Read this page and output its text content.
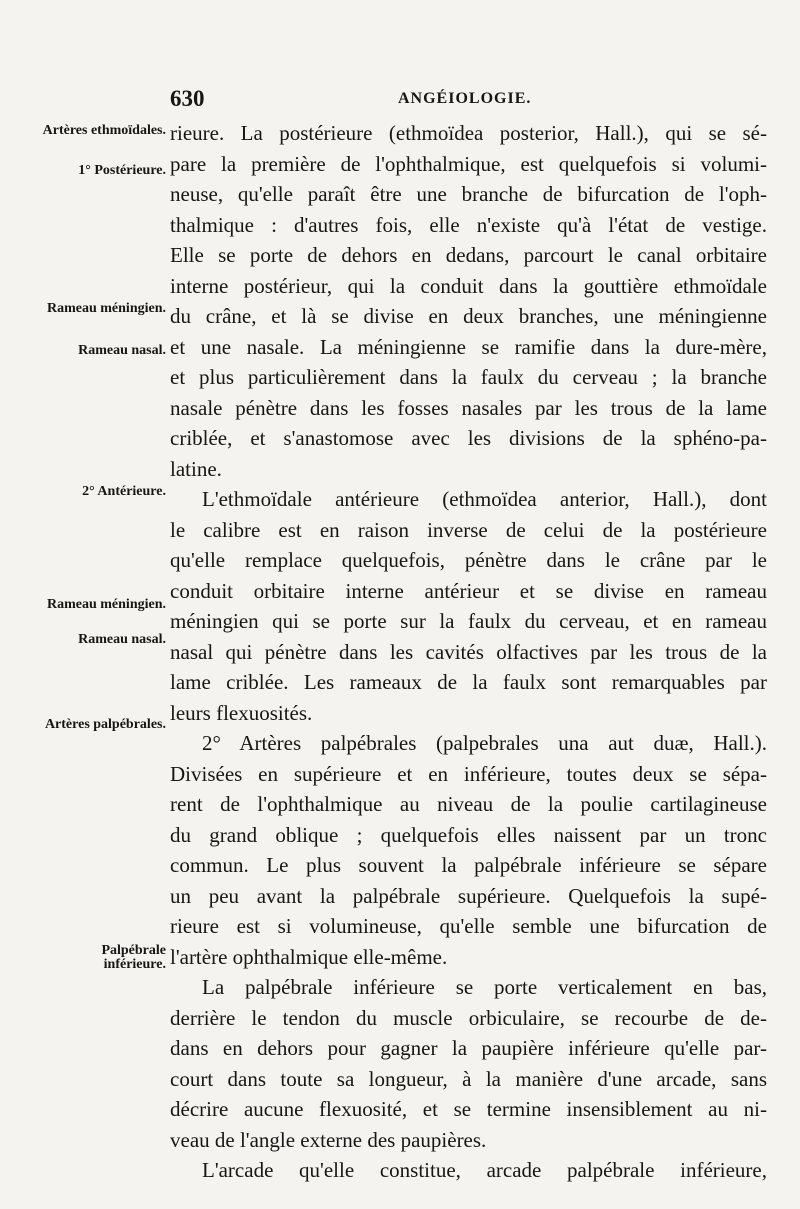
630	ANGÉIOLOGIE.
Artères ethmoïdales.
1° Postérieure.
Rameau méningien.
Rameau nasal.
2° Antérieure.
Rameau méningien.
Rameau nasal.
Artères palpébrales.
Palpébrale inférieure.
rieure. La postérieure (ethmoïdea posterior, Hall.), qui se sé-
pare la première de l'ophthalmique, est quelquefois si volumi-
neuse, qu'elle paraît être une branche de bifurcation de l'oph-
thalmique : d'autres fois, elle n'existe qu'à l'état de vestige.
Elle se porte de dehors en dedans, parcourt le canal orbitaire
interne postérieur, qui la conduit dans la gouttière ethmoïdale
du crâne, et là se divise en deux branches, une méningienne
et une nasale. La méningienne se ramifie dans la dure-mère,
et plus particulièrement dans la faulx du cerveau ; la branche
nasale pénètre dans les fosses nasales par les trous de la lame
criblée, et s'anastomose avec les divisions de la sphéno-pa-
latine.
L'ethmoïdale antérieure (ethmoïdea anterior, Hall.), dont
le calibre est en raison inverse de celui de la postérieure
qu'elle remplace quelquefois, pénètre dans le crâne par le
conduit orbitaire interne antérieur et se divise en rameau
méningien qui se porte sur la faulx du cerveau, et en rameau
nasal qui pénètre dans les cavités olfactives par les trous de la
lame criblée. Les rameaux de la faulx sont remarquables par
leurs flexuosités.
2° Artères palpébrales (palpebrales una aut duæ, Hall.).
Divisées en supérieure et en inférieure, toutes deux se sépa-
rent de l'ophthalmique au niveau de la poulie cartilagineuse
du grand oblique ; quelquefois elles naissent par un tronc
commun. Le plus souvent la palpébrale inférieure se sépare
un peu avant la palpébrale supérieure. Quelquefois la supé-
rieure est si volumineuse, qu'elle semble une bifurcation de
l'artère ophthalmique elle-même.
La palpébrale inférieure se porte verticalement en bas,
derrière le tendon du muscle orbiculaire, se recourbe de de-
dans en dehors pour gagner la paupière inférieure qu'elle par-
court dans toute sa longueur, à la manière d'une arcade, sans
décrire aucune flexuosité, et se termine insensiblement au ni-
veau de l'angle externe des paupières.
L'arcade qu'elle constitue, arcade palpébrale inférieure,
